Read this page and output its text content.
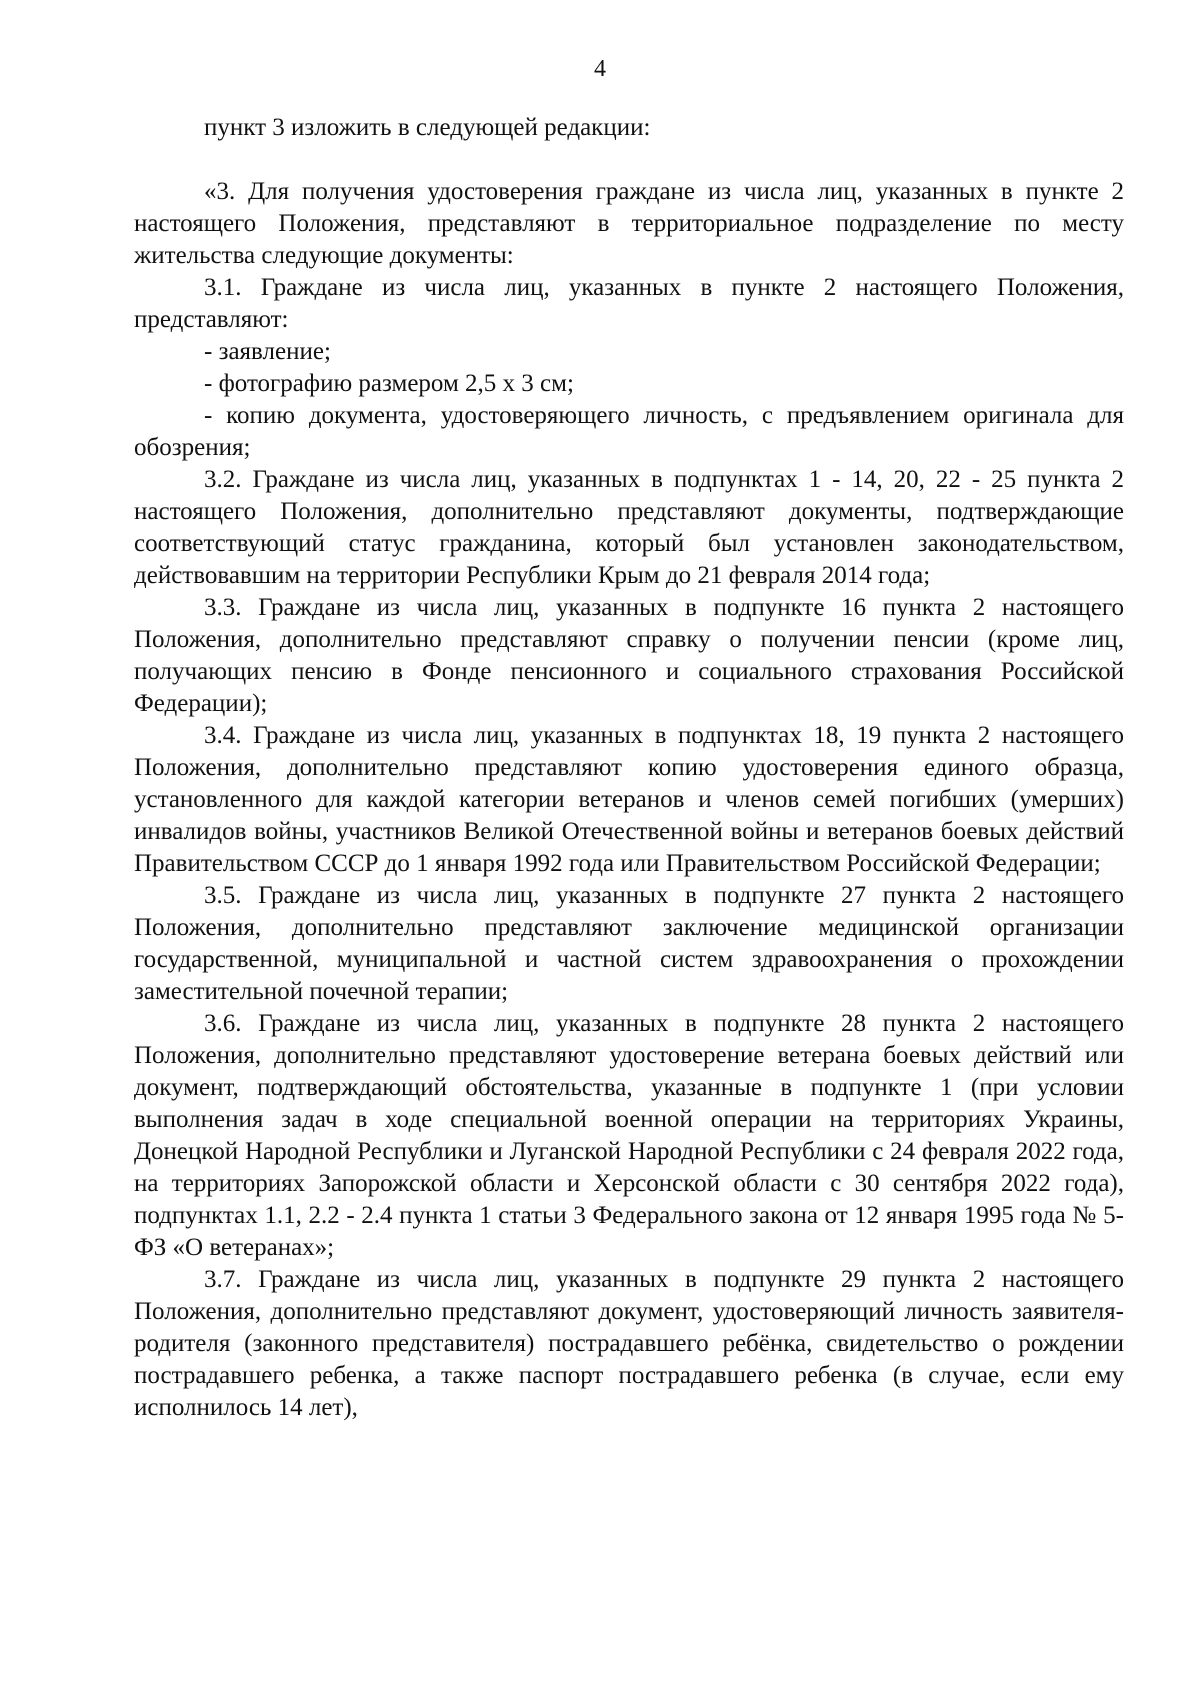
4

пункт 3 изложить в следующей редакции:

«3. Для получения удостоверения граждане из числа лиц, указанных в пункте 2 настоящего Положения, представляют в территориальное подразделение по месту жительства следующие документы:

3.1. Граждане из числа лиц, указанных в пункте 2 настоящего Положения, представляют:

- заявление;

- фотографию размером 2,5 х 3 см;

- копию документа, удостоверяющего личность, с предъявлением оригинала для обозрения;

3.2. Граждане из числа лиц, указанных в подпунктах 1 - 14, 20, 22 - 25 пункта 2 настоящего Положения, дополнительно представляют документы, подтверждающие соответствующий статус гражданина, который был установлен законодательством, действовавшим на территории Республики Крым до 21 февраля 2014 года;

3.3. Граждане из числа лиц, указанных в подпункте 16 пункта 2 настоящего Положения, дополнительно представляют справку о получении пенсии (кроме лиц, получающих пенсию в Фонде пенсионного и социального страхования Российской Федерации);

3.4. Граждане из числа лиц, указанных в подпунктах 18, 19 пункта 2 настоящего Положения, дополнительно представляют копию удостоверения единого образца, установленного для каждой категории ветеранов и членов семей погибших (умерших) инвалидов войны, участников Великой Отечественной войны и ветеранов боевых действий Правительством СССР до 1 января 1992 года или Правительством Российской Федерации;

3.5. Граждане из числа лиц, указанных в подпункте 27 пункта 2 настоящего Положения, дополнительно представляют заключение медицинской организации государственной, муниципальной и частной систем здравоохранения о прохождении заместительной почечной терапии;

3.6. Граждане из числа лиц, указанных в подпункте 28 пункта 2 настоящего Положения, дополнительно представляют удостоверение ветерана боевых действий или документ, подтверждающий обстоятельства, указанные в подпункте 1 (при условии выполнения задач в ходе специальной военной операции на территориях Украины, Донецкой Народной Республики и Луганской Народной Республики с 24 февраля 2022 года, на территориях Запорожской области и Херсонской области с 30 сентября 2022 года), подпунктах 1.1, 2.2 - 2.4 пункта 1 статьи 3 Федерального закона от 12 января 1995 года № 5-ФЗ «О ветеранах»;

3.7. Граждане из числа лиц, указанных в подпункте 29 пункта 2 настоящего Положения, дополнительно представляют документ, удостоверяющий личность заявителя-родителя (законного представителя) пострадавшего ребёнка, свидетельство о рождении пострадавшего ребенка, а также паспорт пострадавшего ребенка (в случае, если ему исполнилось 14 лет),
